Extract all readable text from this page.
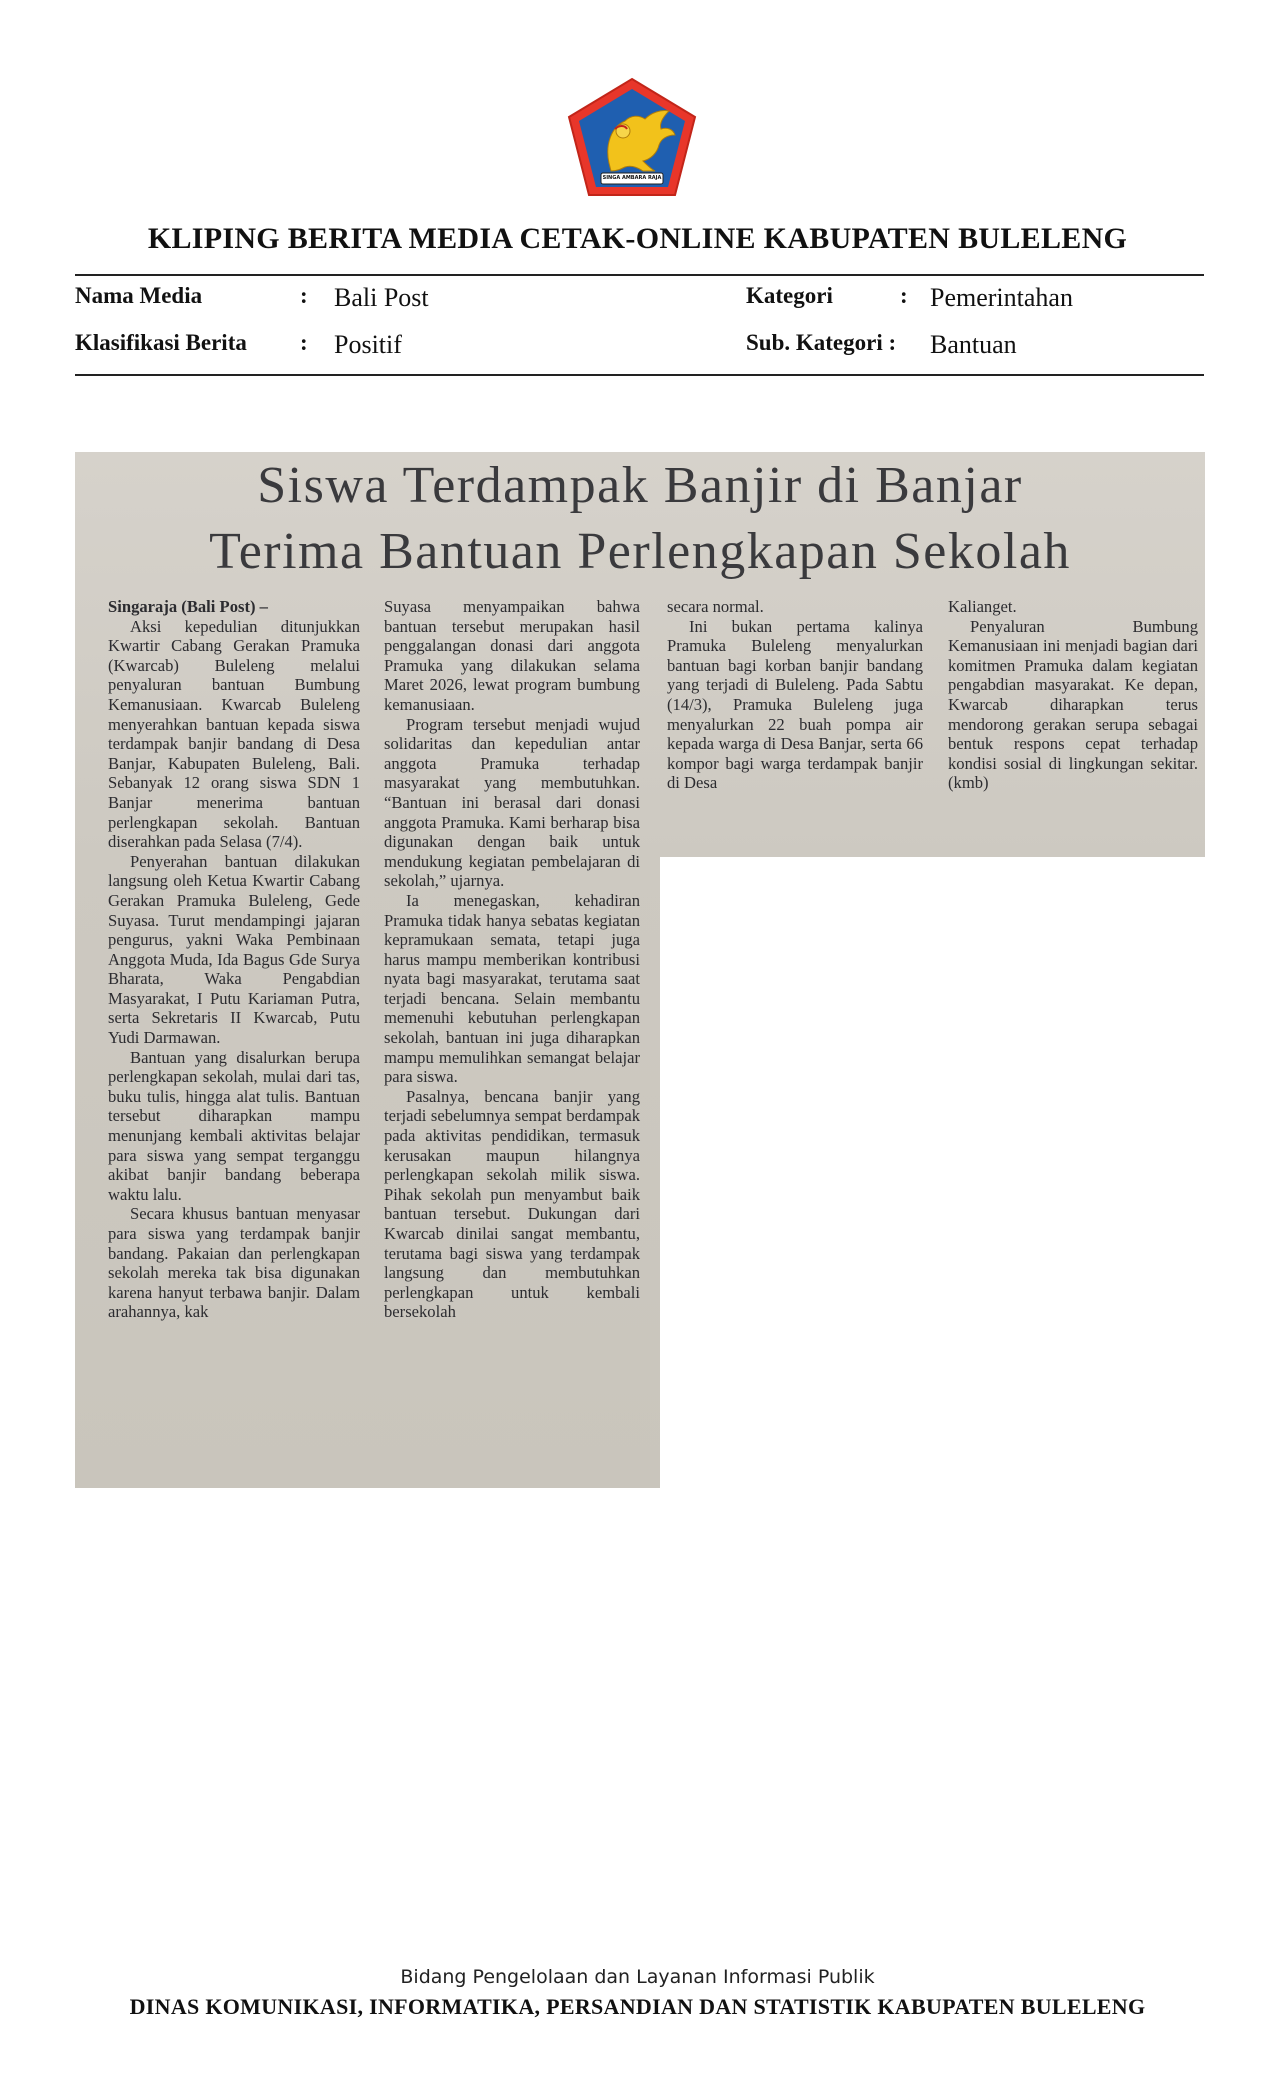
SINGA AMBARA RAJA
KLIPING BERITA MEDIA CETAK-ONLINE KABUPATEN BULELENG
Nama Media	: Bali Post	Kategori	: Pemerintahan
Klasifikasi Berita : Positif	Sub. Kategori : Bantuan
Siswa Terdampak Banjir di Banjar
Terima Bantuan Perlengkapan Sekolah

Singaraja (Bali Post) –

Aksi kepedulian ditunjukkan Kwartir Cabang Gerakan Pramuka (Kwarcab) Buleleng melalui penyaluran bantuan Bumbung Kemanusiaan. Kwarcab Buleleng menyerahkan bantuan kepada siswa terdampak banjir bandang di Desa Banjar, Kabupaten Buleleng, Bali. Sebanyak 12 orang siswa SDN 1 Banjar menerima bantuan perlengkapan sekolah. Bantuan diserahkan pada Selasa (7/4).

Penyerahan bantuan dilakukan langsung oleh Ketua Kwartir Cabang Gerakan Pramuka Buleleng, Gede Suyasa. Turut mendampingi jajaran pengurus, yakni Waka Pembinaan Anggota Muda, Ida Bagus Gde Surya Bharata, Waka Pengabdian Masyarakat, I Putu Kariaman Putra, serta Sekretaris II Kwarcab, Putu Yudi Darmawan.

Bantuan yang disalurkan berupa perlengkapan sekolah, mulai dari tas, buku tulis, hingga alat tulis. Bantuan tersebut diharapkan mampu menunjang kembali aktivitas belajar para siswa yang sempat terganggu akibat banjir bandang beberapa waktu lalu.

Secara khusus bantuan menyasar para siswa yang terdampak banjir bandang. Pakaian dan perlengkapan sekolah mereka tak bisa digunakan karena hanyut terbawa banjir. Dalam arahannya, kak

Suyasa menyampaikan bahwa bantuan tersebut merupakan hasil penggalangan donasi dari anggota Pramuka yang dilakukan selama Maret 2026, lewat program bumbung kemanusiaan.

Program tersebut menjadi wujud solidaritas dan kepedulian antar anggota Pramuka terhadap masyarakat yang membutuhkan. “Bantuan ini berasal dari donasi anggota Pramuka. Kami berharap bisa digunakan dengan baik untuk mendukung kegiatan pembelajaran di sekolah,” ujarnya.

Ia menegaskan, kehadiran Pramuka tidak hanya sebatas kegiatan kepramukaan semata, tetapi juga harus mampu memberikan kontribusi nyata bagi masyarakat, terutama saat terjadi bencana. Selain membantu memenuhi kebutuhan perlengkapan sekolah, bantuan ini juga diharapkan mampu memulihkan semangat belajar para siswa.

Pasalnya, bencana banjir yang terjadi sebelumnya sempat berdampak pada aktivitas pendidikan, termasuk kerusakan maupun hilangnya perlengkapan sekolah milik siswa. Pihak sekolah pun menyambut baik bantuan tersebut. Dukungan dari Kwarcab dinilai sangat membantu, terutama bagi siswa yang terdampak langsung dan membutuhkan perlengkapan untuk kembali bersekolah

secara normal.

Ini bukan pertama kalinya Pramuka Buleleng menyalurkan bantuan bagi korban banjir bandang yang terjadi di Buleleng. Pada Sabtu (14/3), Pramuka Buleleng juga menyalurkan 22 buah pompa air kepada warga di Desa Banjar, serta 66 kompor bagi warga terdampak banjir di Desa

Kalianget.

Penyaluran Bumbung Kemanusiaan ini menjadi bagian dari komitmen Pramuka dalam kegiatan pengabdian masyarakat. Ke depan, Kwarcab diharapkan terus mendorong gerakan serupa sebagai bentuk respons cepat terhadap kondisi sosial di lingkungan sekitar. (kmb)

Bidang Pengelolaan dan Layanan Informasi Publik
DINAS KOMUNIKASI, INFORMATIKA, PERSANDIAN DAN STATISTIK KABUPATEN BULELENG
